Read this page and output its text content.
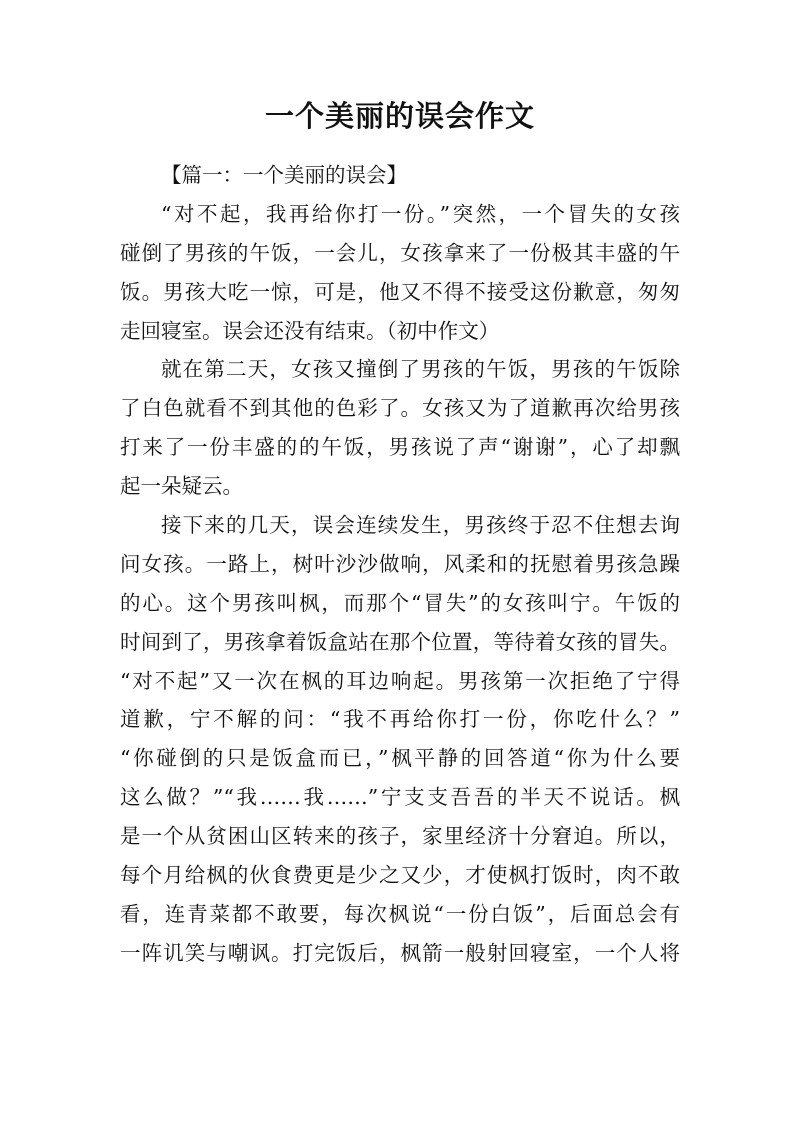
一个美丽的误会作文
【篇一：一个美丽的误会】
“对不起，我再给你打一份。”突然，一个冒失的女孩
碰倒了男孩的午饭，一会儿，女孩拿来了一份极其丰盛的午
饭。男孩大吃一惊，可是，他又不得不接受这份歉意，匆匆
走回寝室。误会还没有结束。（初中作文）
就在第二天，女孩又撞倒了男孩的午饭，男孩的午饭除
了白色就看不到其他的色彩了。女孩又为了道歉再次给男孩
打来了一份丰盛的的午饭，男孩说了声“谢谢”，心了却飘
起一朵疑云。
接下来的几天，误会连续发生，男孩终于忍不住想去询
问女孩。一路上，树叶沙沙做响，风柔和的抚慰着男孩急躁
的心。这个男孩叫枫，而那个“冒失”的女孩叫宁。午饭的
时间到了，男孩拿着饭盒站在那个位置，等待着女孩的冒失。
“对不起”又一次在枫的耳边响起。男孩第一次拒绝了宁得
道歉，宁不解的问：“我不再给你打一份，你吃什么？”
“你碰倒的只是饭盒而已，”枫平静的回答道“你为什么要
这么做？”“我……我……”宁支支吾吾的半天不说话。枫
是一个从贫困山区转来的孩子，家里经济十分窘迫。所以，
每个月给枫的伙食费更是少之又少，才使枫打饭时，肉不敢
看，连青菜都不敢要，每次枫说“一份白饭”，后面总会有
一阵讥笑与嘲讽。打完饭后，枫箭一般射回寝室，一个人将
